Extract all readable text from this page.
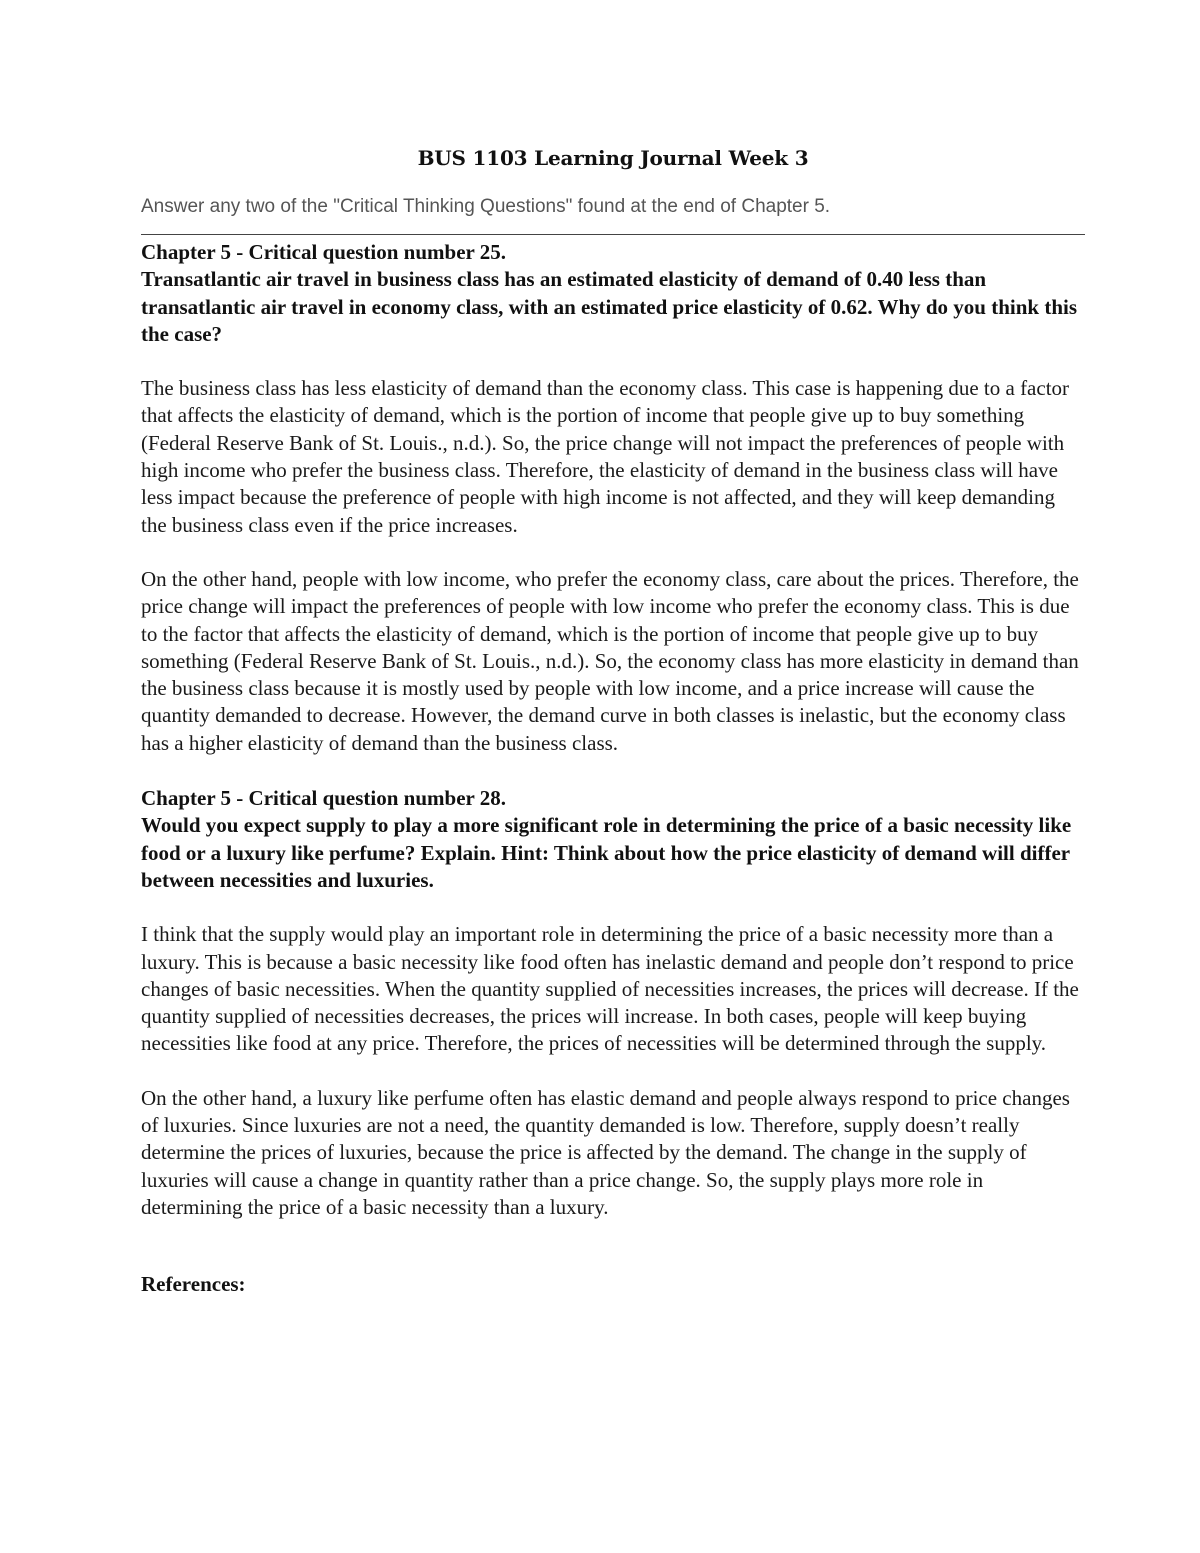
BUS 1103 Learning Journal Week 3

Answer any two of the "Critical Thinking Questions" found at the end of Chapter 5.

Chapter 5 - Critical question number 25.
Transatlantic air travel in business class has an estimated elasticity of demand of 0.40 less than transatlantic air travel in economy class, with an estimated price elasticity of 0.62. Why do you think this the case?

The business class has less elasticity of demand than the economy class. This case is happening due to a factor that affects the elasticity of demand, which is the portion of income that people give up to buy something (Federal Reserve Bank of St. Louis., n.d.). So, the price change will not impact the preferences of people with high income who prefer the business class. Therefore, the elasticity of demand in the business class will have less impact because the preference of people with high income is not affected, and they will keep demanding the business class even if the price increases.

On the other hand, people with low income, who prefer the economy class, care about the prices. Therefore, the price change will impact the preferences of people with low income who prefer the economy class. This is due to the factor that affects the elasticity of demand, which is the portion of income that people give up to buy something (Federal Reserve Bank of St. Louis., n.d.). So, the economy class has more elasticity in demand than the business class because it is mostly used by people with low income, and a price increase will cause the quantity demanded to decrease. However, the demand curve in both classes is inelastic, but the economy class has a higher elasticity of demand than the business class.

Chapter 5 - Critical question number 28.
Would you expect supply to play a more significant role in determining the price of a basic necessity like food or a luxury like perfume? Explain. Hint: Think about how the price elasticity of demand will differ between necessities and luxuries.

I think that the supply would play an important role in determining the price of a basic necessity more than a luxury. This is because a basic necessity like food often has inelastic demand and people don’t respond to price changes of basic necessities. When the quantity supplied of necessities increases, the prices will decrease. If the quantity supplied of necessities decreases, the prices will increase. In both cases, people will keep buying necessities like food at any price. Therefore, the prices of necessities will be determined through the supply.

On the other hand, a luxury like perfume often has elastic demand and people always respond to price changes of luxuries. Since luxuries are not a need, the quantity demanded is low. Therefore, supply doesn’t really determine the prices of luxuries, because the price is affected by the demand. The change in the supply of luxuries will cause a change in quantity rather than a price change. So, the supply plays more role in determining the price of a basic necessity than a luxury.

References:
